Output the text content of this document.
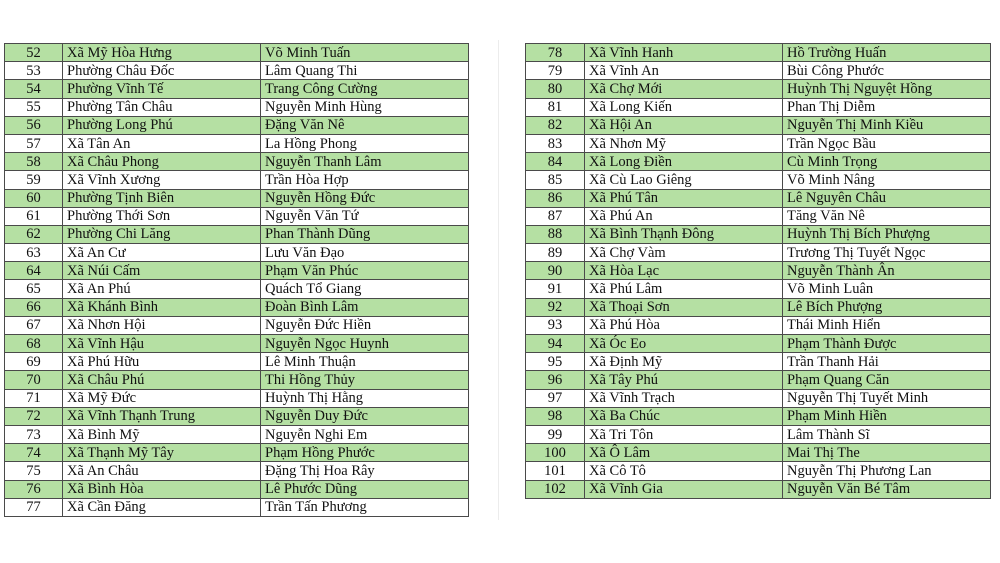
52	Xã Mỹ Hòa Hưng	Võ Minh Tuấn
53	Phường Châu Đốc	Lâm Quang Thi
54	Phường Vĩnh Tế	Trang Công Cường
55	Phường Tân Châu	Nguyễn Minh Hùng
56	Phường Long Phú	Đặng Văn Nê
57	Xã Tân An	La Hồng Phong
58	Xã Châu Phong	Nguyễn Thanh Lâm
59	Xã Vĩnh Xương	Trần Hòa Hợp
60	Phường Tịnh Biên	Nguyễn Hồng Đức
61	Phường Thới Sơn	Nguyễn Văn Tứ
62	Phường Chi Lăng	Phan Thành Dũng
63	Xã An Cư	Lưu Văn Đạo
64	Xã Núi Cấm	Phạm Văn Phúc
65	Xã An Phú	Quách Tổ Giang
66	Xã Khánh Bình	Đoàn Bình Lâm
67	Xã Nhơn Hội	Nguyễn Đức Hiền
68	Xã Vĩnh Hậu	Nguyễn Ngọc Huynh
69	Xã Phú Hữu	Lê Minh Thuận
70	Xã Châu Phú	Thi Hồng Thủy
71	Xã Mỹ Đức	Huỳnh Thị Hằng
72	Xã Vĩnh Thạnh Trung	Nguyễn Duy Đức
73	Xã Bình Mỹ	Nguyễn Nghi Em
74	Xã Thạnh Mỹ Tây	Phạm Hồng Phước
75	Xã An Châu	Đặng Thị Hoa Rây
76	Xã Bình Hòa	Lê Phước Dũng
77	Xã Cần Đăng	Trần Tấn Phương
78	Xã Vĩnh Hanh	Hồ Trường Huấn
79	Xã Vĩnh An	Bùi Công Phước
80	Xã Chợ Mới	Huỳnh Thị Nguyệt Hồng
81	Xã Long Kiến	Phan Thị Diễm
82	Xã Hội An	Nguyễn Thị Minh Kiều
83	Xã Nhơn Mỹ	Trần Ngọc Bầu
84	Xã Long Điền	Cù Minh Trọng
85	Xã Cù Lao Giêng	Võ Minh Nâng
86	Xã Phú Tân	Lê Nguyên Châu
87	Xã Phú An	Tăng Văn Nê
88	Xã Bình Thạnh Đông	Huỳnh Thị Bích Phượng
89	Xã Chợ Vàm	Trương Thị Tuyết Ngọc
90	Xã Hòa Lạc	Nguyễn Thành Ân
91	Xã Phú Lâm	Võ Minh Luân
92	Xã Thoại Sơn	Lê Bích Phượng
93	Xã Phú Hòa	Thái Minh Hiển
94	Xã Óc Eo	Phạm Thành Được
95	Xã Định Mỹ	Trần Thanh Hải
96	Xã Tây Phú	Phạm Quang Căn
97	Xã Vĩnh Trạch	Nguyễn Thị Tuyết Minh
98	Xã Ba Chúc	Phạm Minh Hiền
99	Xã Tri Tôn	Lâm Thành Sĩ
100	Xã Ô Lâm	Mai Thị The
101	Xã Cô Tô	Nguyễn Thị Phương Lan
102	Xã Vĩnh Gia	Nguyễn Văn Bé Tâm
